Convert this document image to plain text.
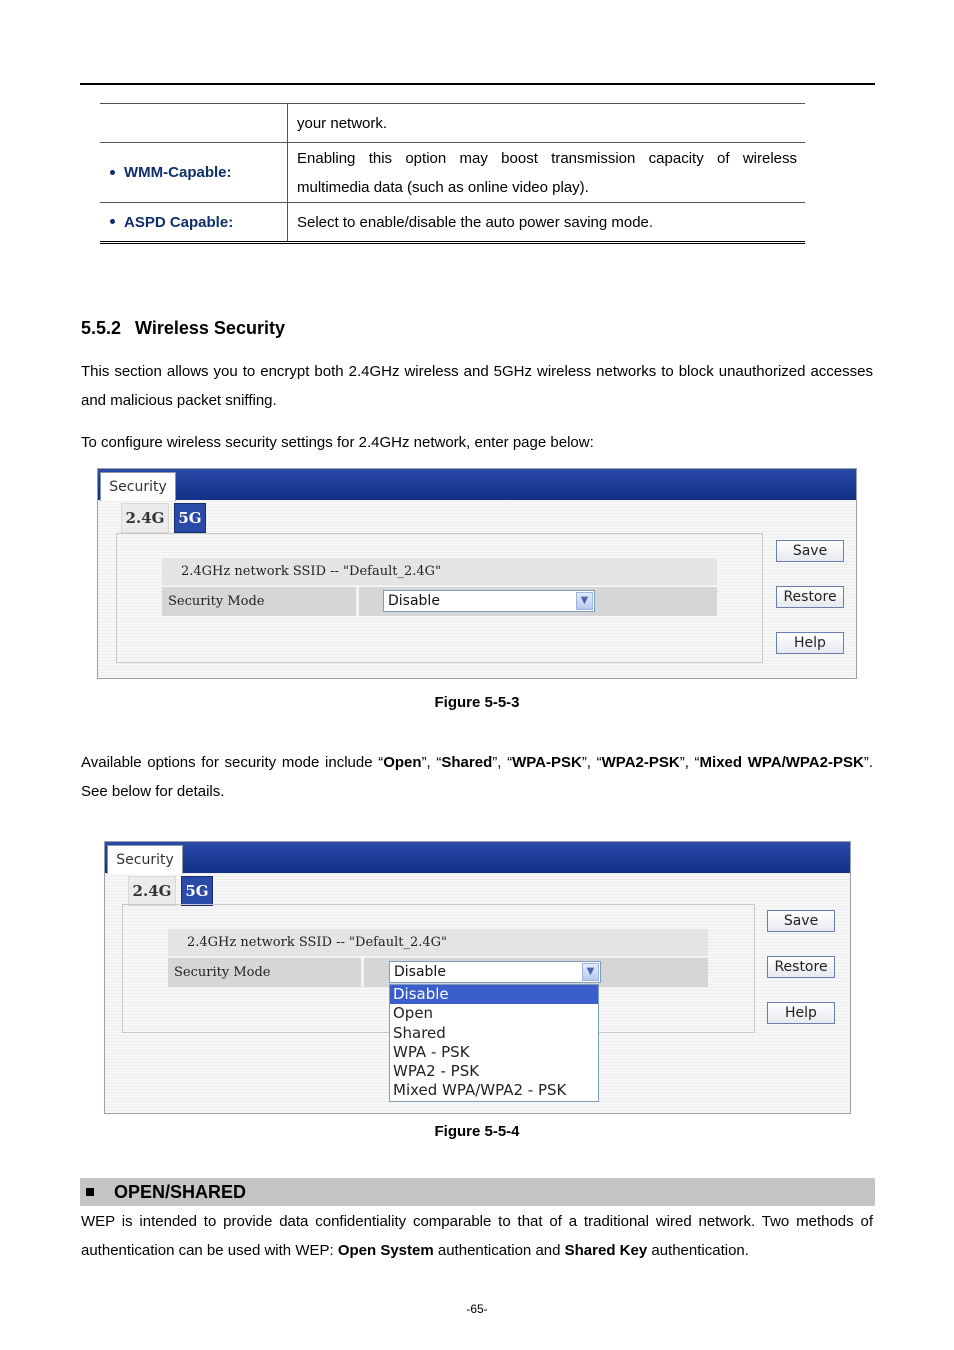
	your network.
WMM-Capable:	Enabling this option may boost transmission capacity of wireless multimedia data (such as online video play).
ASPD Capable:	Select to enable/disable the auto power saving mode.
5.5.2 Wireless Security
This section allows you to encrypt both 2.4GHz wireless and 5GHz wireless networks to block unauthorized accesses and malicious packet sniffing.
To configure wireless security settings for 2.4GHz network, enter page below:
Security
2.4G 5G
2.4GHz network SSID -- "Default_2.4G"
Security Mode	Disable	▼
Save
Restore
Help
Figure 5-5-3
Available options for security mode include “Open”, “Shared”, “WPA-PSK”, “WPA2-PSK”, “Mixed WPA/WPA2-PSK”. See below for details.
Security
2.4G 5G
2.4GHz network SSID -- "Default_2.4G"
Security Mode	Disable	▼
Save
Restore
Help
Disable
Open
Shared
WPA - PSK
WPA2 - PSK
Mixed WPA/WPA2 - PSK
Figure 5-5-4
OPEN/SHARED
WEP is intended to provide data confidentiality comparable to that of a traditional wired network. Two methods of authentication can be used with WEP: Open System authentication and Shared Key authentication.
-65-
